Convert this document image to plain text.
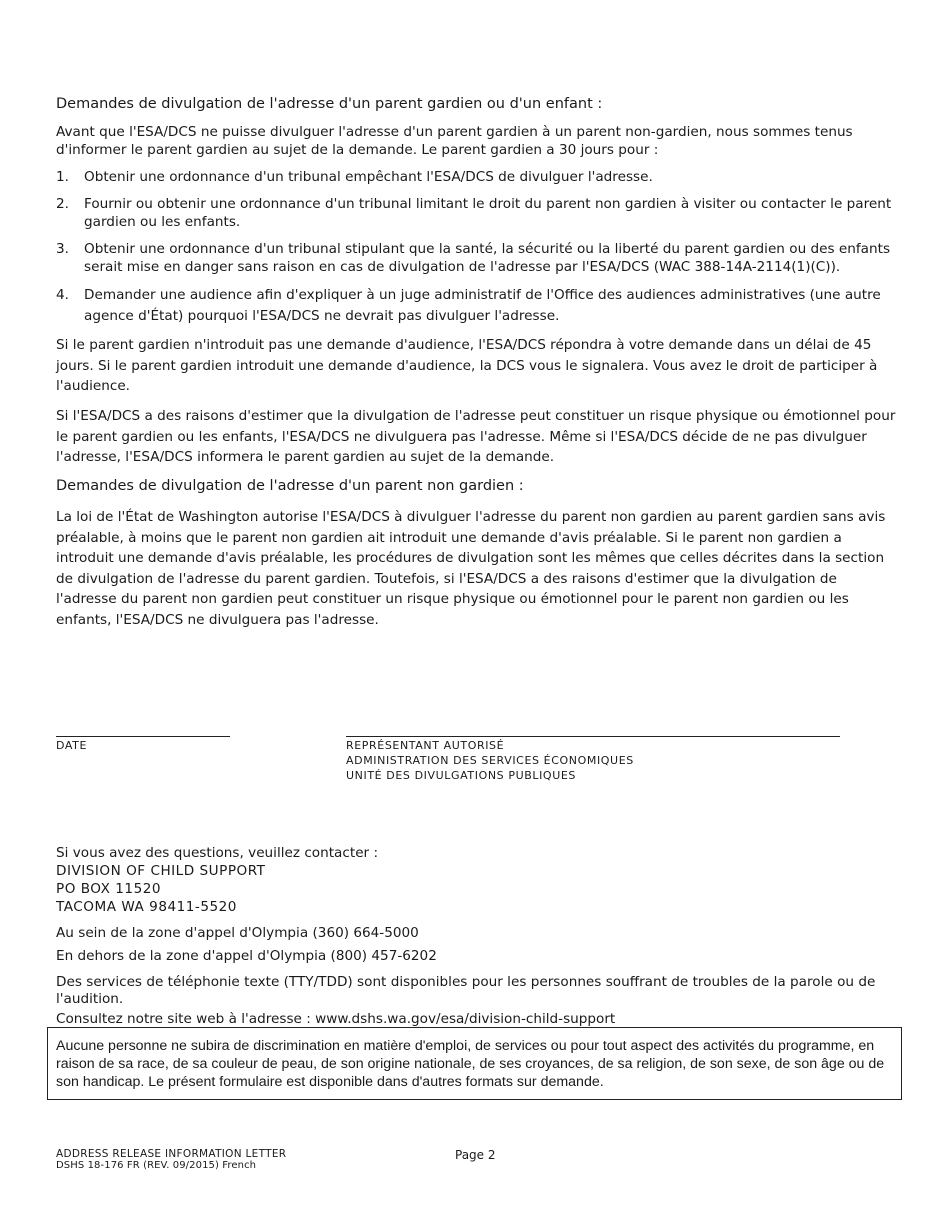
Demandes de divulgation de l'adresse d'un parent gardien ou d'un enfant :
Avant que l'ESA/DCS ne puisse divulguer l'adresse d'un parent gardien à un parent non-gardien, nous sommes tenus d'informer le parent gardien au sujet de la demande. Le parent gardien a 30 jours pour :
1. Obtenir une ordonnance d'un tribunal empêchant l'ESA/DCS de divulguer l'adresse.
2. Fournir ou obtenir une ordonnance d'un tribunal limitant le droit du parent non gardien à visiter ou contacter le parent gardien ou les enfants.
3. Obtenir une ordonnance d'un tribunal stipulant que la santé, la sécurité ou la liberté du parent gardien ou des enfants serait mise en danger sans raison en cas de divulgation de l'adresse par l'ESA/DCS (WAC 388-14A-2114(1)(C)).
4. Demander une audience afin d'expliquer à un juge administratif de l'Office des audiences administratives (une autre agence d'État) pourquoi l'ESA/DCS ne devrait pas divulguer l'adresse.
Si le parent gardien n'introduit pas une demande d'audience, l'ESA/DCS répondra à votre demande dans un délai de 45 jours. Si le parent gardien introduit une demande d'audience, la DCS vous le signalera. Vous avez le droit de participer à l'audience.
Si l'ESA/DCS a des raisons d'estimer que la divulgation de l'adresse peut constituer un risque physique ou émotionnel pour le parent gardien ou les enfants, l'ESA/DCS ne divulguera pas l'adresse. Même si l'ESA/DCS décide de ne pas divulguer l'adresse, l'ESA/DCS informera le parent gardien au sujet de la demande.
Demandes de divulgation de l'adresse d'un parent non gardien :
La loi de l'État de Washington autorise l'ESA/DCS à divulguer l'adresse du parent non gardien au parent gardien sans avis préalable, à moins que le parent non gardien ait introduit une demande d'avis préalable. Si le parent non gardien a introduit une demande d'avis préalable, les procédures de divulgation sont les mêmes que celles décrites dans la section de divulgation de l'adresse du parent gardien. Toutefois, si l'ESA/DCS a des raisons d'estimer que la divulgation de l'adresse du parent non gardien peut constituer un risque physique ou émotionnel pour le parent non gardien ou les enfants, l'ESA/DCS ne divulguera pas l'adresse.
DATE	REPRÉSENTANT AUTORISÉ
ADMINISTRATION DES SERVICES ÉCONOMIQUES
UNITÉ DES DIVULGATIONS PUBLIQUES
Si vous avez des questions, veuillez contacter :
DIVISION OF CHILD SUPPORT
PO BOX 11520
TACOMA WA 98411-5520
Au sein de la zone d'appel d'Olympia (360) 664-5000
En dehors de la zone d'appel d'Olympia (800) 457-6202
Des services de téléphonie texte (TTY/TDD) sont disponibles pour les personnes souffrant de troubles de la parole ou de l'audition.
Consultez notre site web à l'adresse : www.dshs.wa.gov/esa/division-child-support
Aucune personne ne subira de discrimination en matière d'emploi, de services ou pour tout aspect des activités du programme, en raison de sa race, de sa couleur de peau, de son origine nationale, de ses croyances, de sa religion, de son sexe, de son âge ou de son handicap. Le présent formulaire est disponible dans d'autres formats sur demande.
ADDRESS RELEASE INFORMATION LETTER
DSHS 18-176 FR (REV. 09/2015) French
Page 2
